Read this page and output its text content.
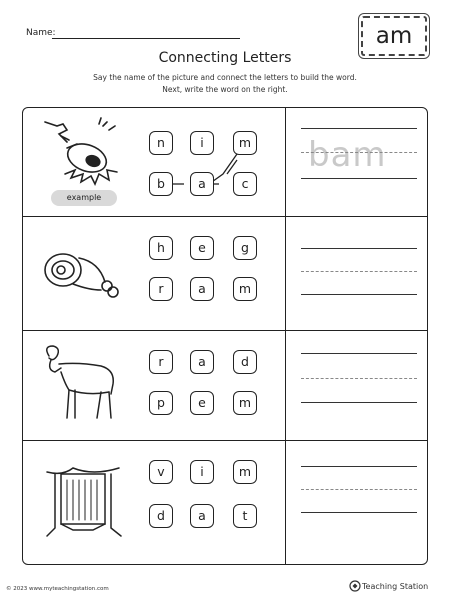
Name:	am
Connecting Letters
Say the name of the picture and connect the letters to build the word.
Next, write the word on the right.
example
n	i	m
b	a	c
bam
h	e	g
r	a	m
r	a	d
p	e	m
v	i	m
d	a	t
© 2023 www.myteachingstation.com	Teaching Station
